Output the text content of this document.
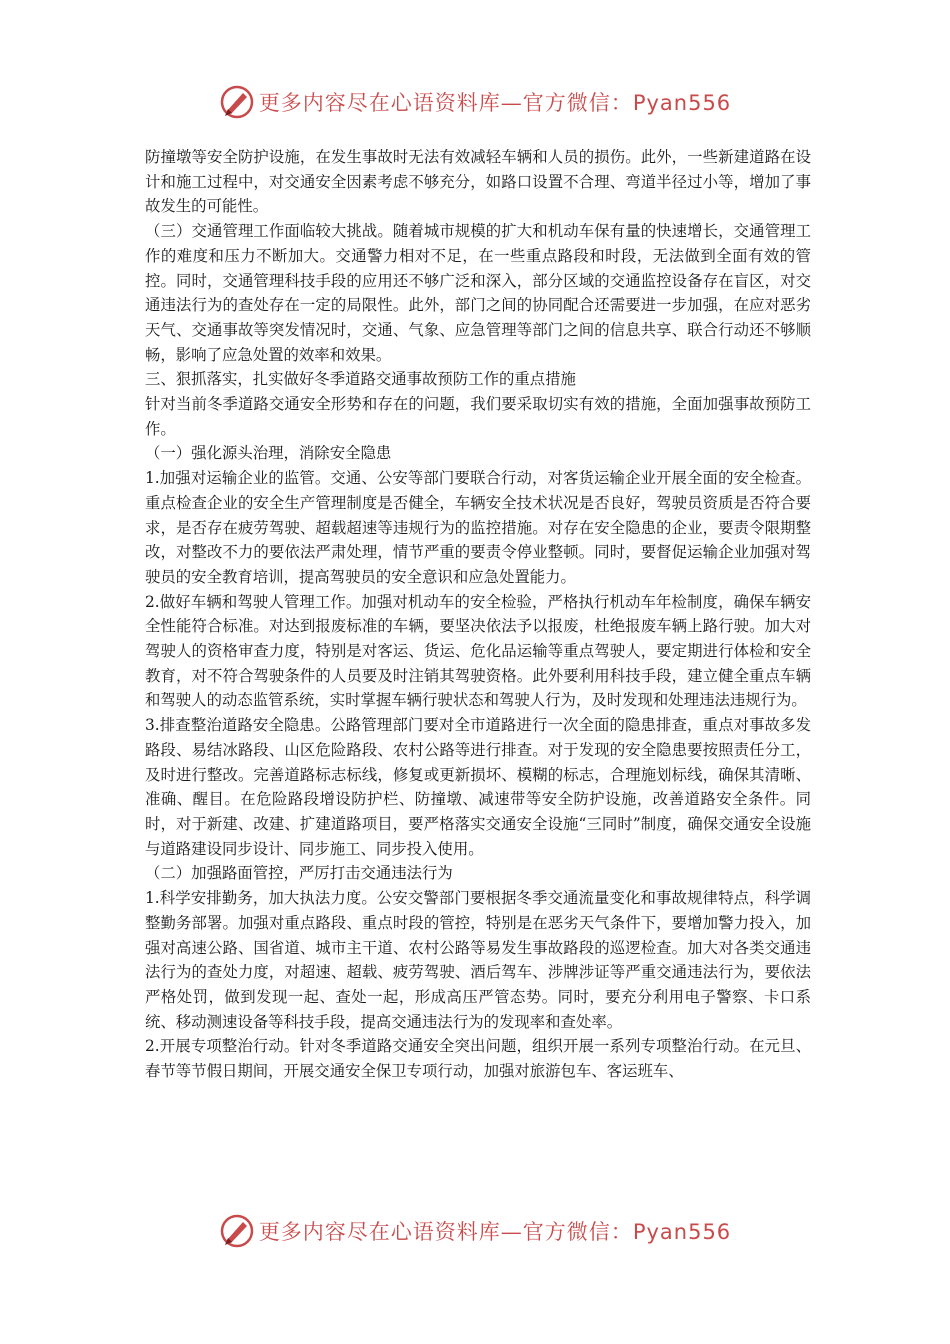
更多内容尽在心语资料库—官方微信：Pyan556

防撞墩等安全防护设施，在发生事故时无法有效减轻车辆和人员的损伤。此外，一些新建道路在设计和施工过程中，对交通安全因素考虑不够充分，如路口设置不合理、弯道半径过小等，增加了事故发生的可能性。

（三）交通管理工作面临较大挑战。随着城市规模的扩大和机动车保有量的快速增长，交通管理工作的难度和压力不断加大。交通警力相对不足，在一些重点路段和时段，无法做到全面有效的管控。同时，交通管理科技手段的应用还不够广泛和深入，部分区域的交通监控设备存在盲区，对交通违法行为的查处存在一定的局限性。此外，部门之间的协同配合还需要进一步加强，在应对恶劣天气、交通事故等突发情况时，交通、气象、应急管理等部门之间的信息共享、联合行动还不够顺畅，影响了应急处置的效率和效果。

三、狠抓落实，扎实做好冬季道路交通事故预防工作的重点措施

针对当前冬季道路交通安全形势和存在的问题，我们要采取切实有效的措施，全面加强事故预防工作。

（一）强化源头治理，消除安全隐患

1.加强对运输企业的监管。交通、公安等部门要联合行动，对客货运输企业开展全面的安全检查。重点检查企业的安全生产管理制度是否健全，车辆安全技术状况是否良好，驾驶员资质是否符合要求，是否存在疲劳驾驶、超载超速等违规行为的监控措施。对存在安全隐患的企业，要责令限期整改，对整改不力的要依法严肃处理，情节严重的要责令停业整顿。同时，要督促运输企业加强对驾驶员的安全教育培训，提高驾驶员的安全意识和应急处置能力。

2.做好车辆和驾驶人管理工作。加强对机动车的安全检验，严格执行机动车年检制度，确保车辆安全性能符合标准。对达到报废标准的车辆，要坚决依法予以报废，杜绝报废车辆上路行驶。加大对驾驶人的资格审查力度，特别是对客运、货运、危化品运输等重点驾驶人，要定期进行体检和安全教育，对不符合驾驶条件的人员要及时注销其驾驶资格。此外要利用科技手段，建立健全重点车辆和驾驶人的动态监管系统，实时掌握车辆行驶状态和驾驶人行为，及时发现和处理违法违规行为。

3.排查整治道路安全隐患。公路管理部门要对全市道路进行一次全面的隐患排查，重点对事故多发路段、易结冰路段、山区危险路段、农村公路等进行排查。对于发现的安全隐患要按照责任分工，及时进行整改。完善道路标志标线，修复或更新损坏、模糊的标志，合理施划标线，确保其清晰、准确、醒目。在危险路段增设防护栏、防撞墩、减速带等安全防护设施，改善道路安全条件。同时，对于新建、改建、扩建道路项目，要严格落实交通安全设施“三同时”制度，确保交通安全设施与道路建设同步设计、同步施工、同步投入使用。

（二）加强路面管控，严厉打击交通违法行为

1.科学安排勤务，加大执法力度。公安交警部门要根据冬季交通流量变化和事故规律特点，科学调整勤务部署。加强对重点路段、重点时段的管控，特别是在恶劣天气条件下，要增加警力投入，加强对高速公路、国省道、城市主干道、农村公路等易发生事故路段的巡逻检查。加大对各类交通违法行为的查处力度，对超速、超载、疲劳驾驶、酒后驾车、涉牌涉证等严重交通违法行为，要依法严格处罚，做到发现一起、查处一起，形成高压严管态势。同时，要充分利用电子警察、卡口系统、移动测速设备等科技手段，提高交通违法行为的发现率和查处率。

2.开展专项整治行动。针对冬季道路交通安全突出问题，组织开展一系列专项整治行动。在元旦、春节等节假日期间，开展交通安全保卫专项行动，加强对旅游包车、客运班车、

更多内容尽在心语资料库—官方微信：Pyan556
